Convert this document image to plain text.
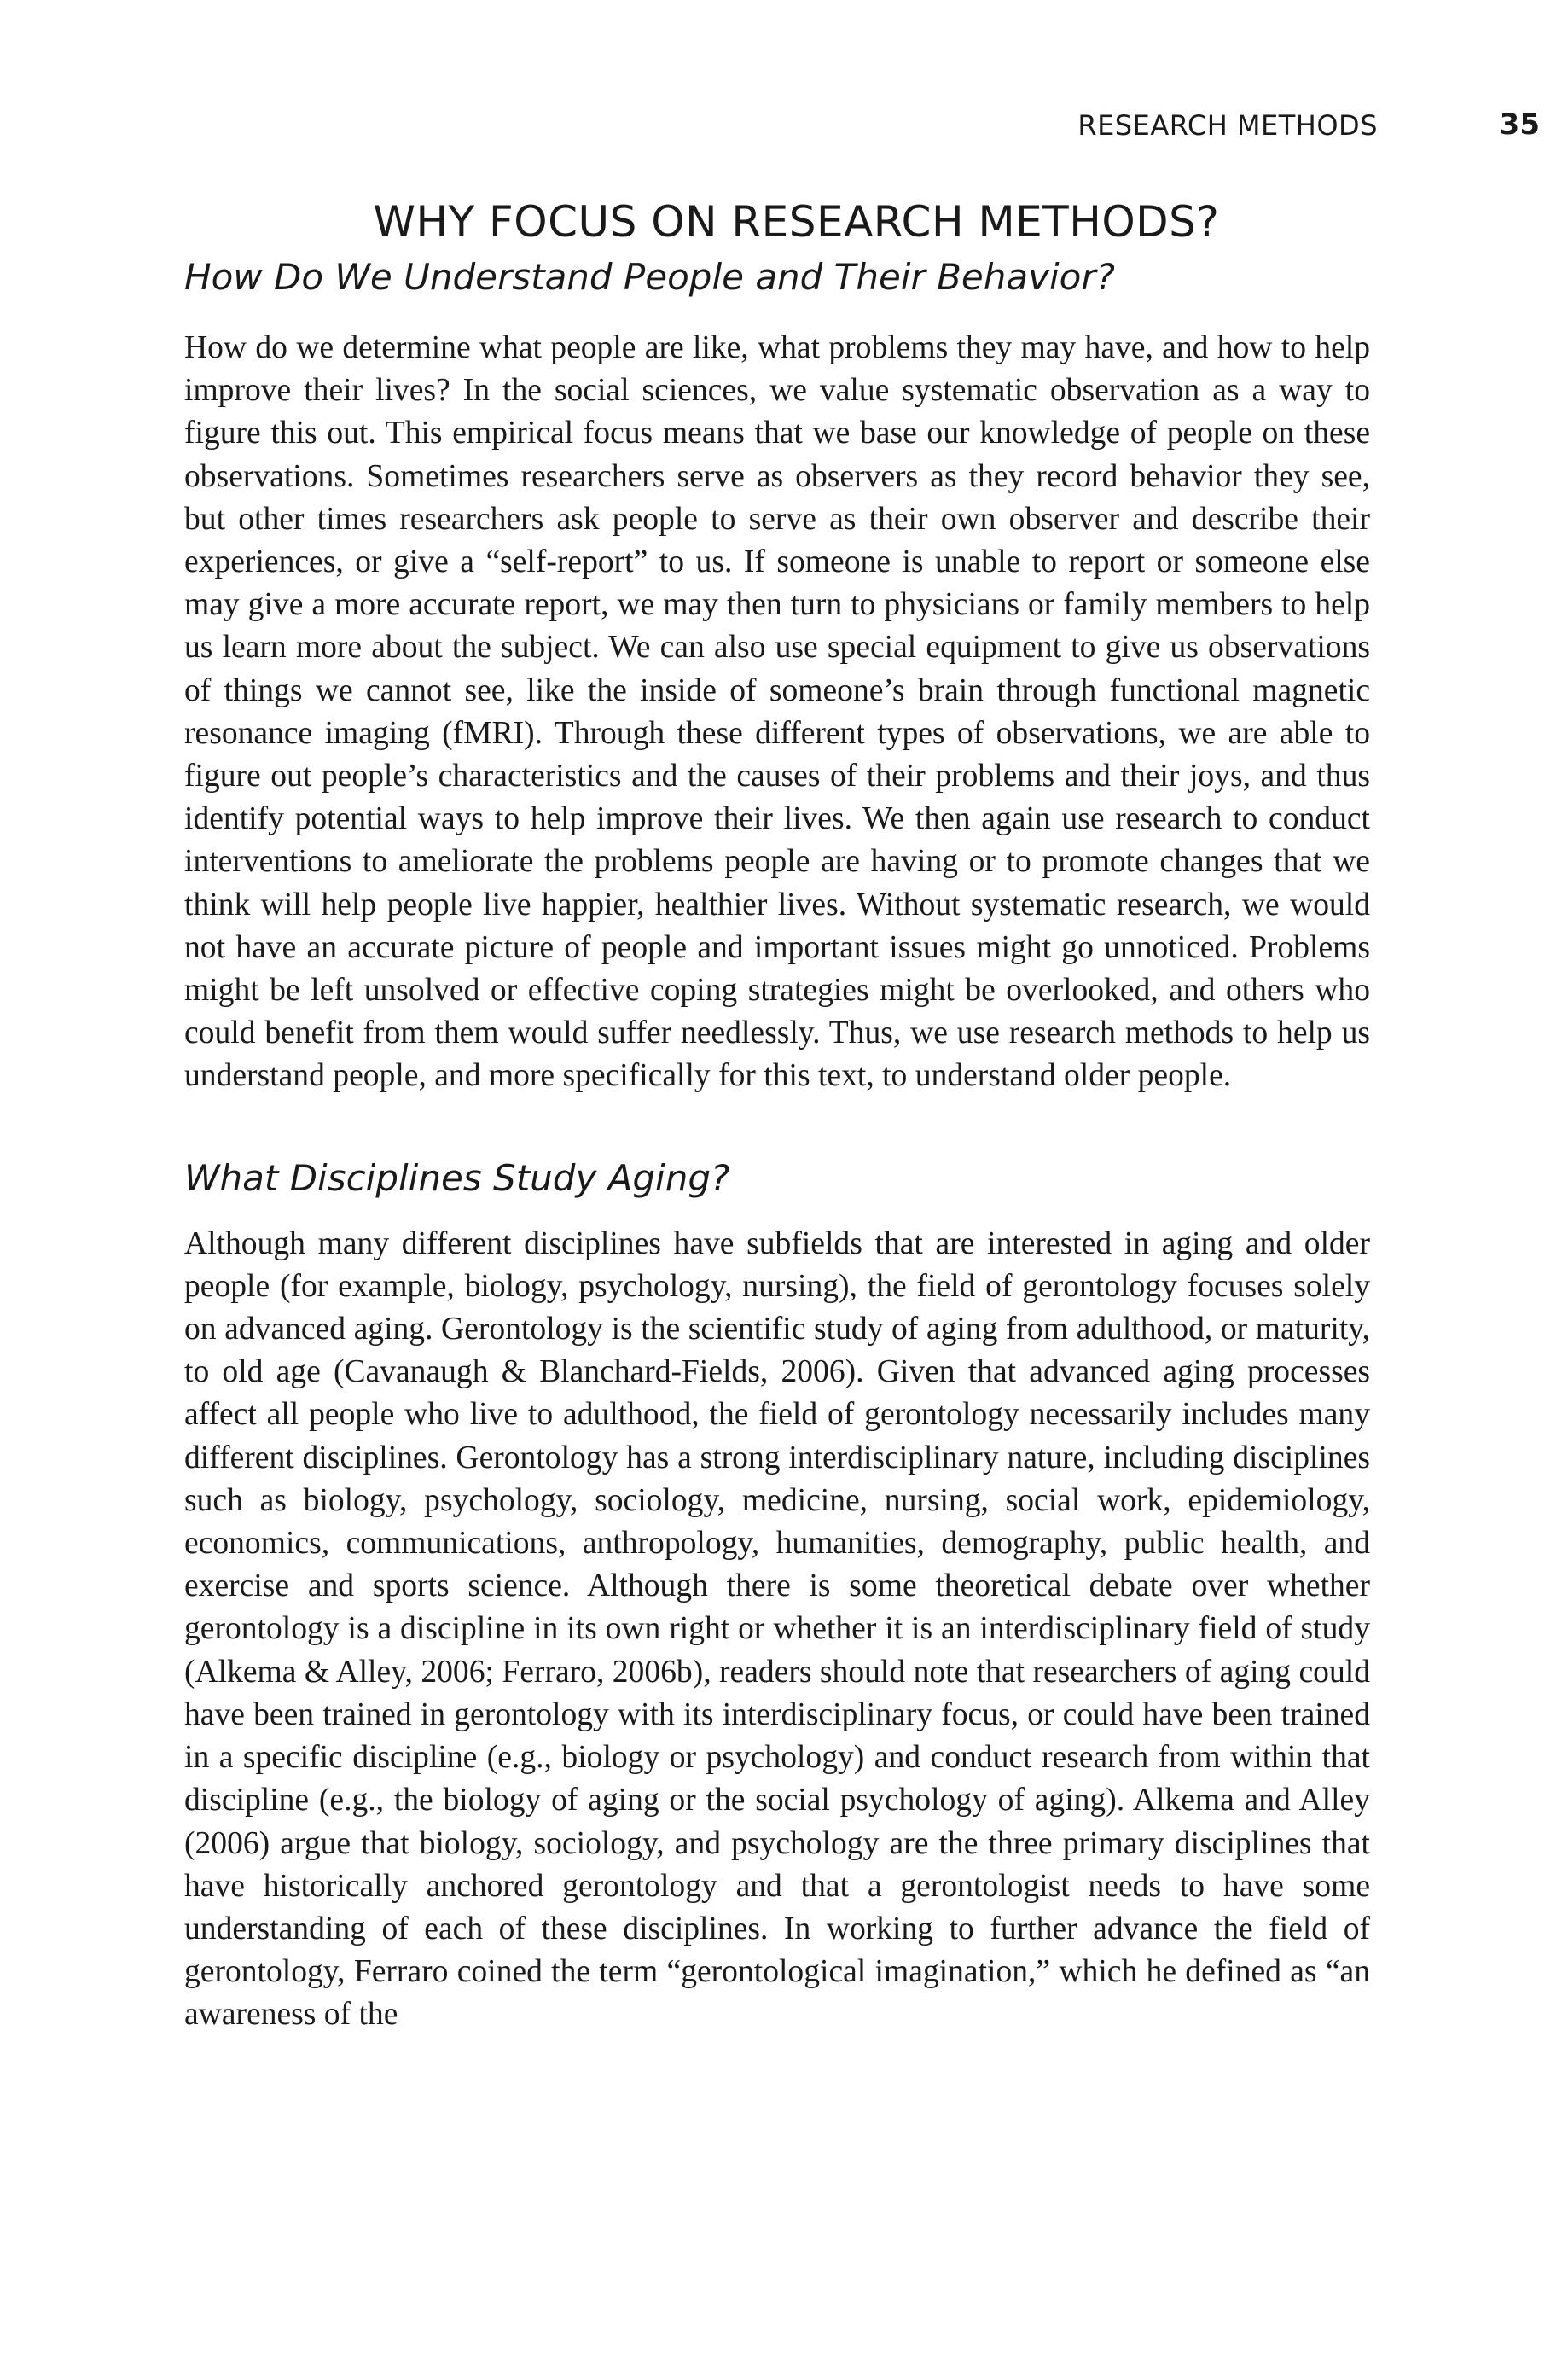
RESEARCH METHODS	35
WHY FOCUS ON RESEARCH METHODS?
How Do We Understand People and Their Behavior?

How do we determine what people are like, what problems they may have, and how to help improve their lives? In the social sciences, we value systematic observation as a way to figure this out. This empirical focus means that we base our knowledge of people on these observations. Sometimes researchers serve as observers as they record behavior they see, but other times researchers ask people to serve as their own observer and describe their experiences, or give a “self-report” to us. If someone is unable to report or someone else may give a more accurate report, we may then turn to physicians or family members to help us learn more about the subject. We can also use special equipment to give us observations of things we cannot see, like the inside of someone’s brain through functional magnetic resonance imaging (fMRI). Through these different types of observations, we are able to figure out people’s characteristics and the causes of their problems and their joys, and thus identify potential ways to help improve their lives. We then again use research to conduct interventions to ameliorate the problems people are having or to promote changes that we think will help people live happier, healthier lives. Without systematic research, we would not have an accurate picture of people and important issues might go unnoticed. Problems might be left unsolved or effective coping strategies might be overlooked, and others who could benefit from them would suffer needlessly. Thus, we use research methods to help us understand people, and more specifically for this text, to understand older people.

What Disciplines Study Aging?

Although many different disciplines have subfields that are interested in aging and older people (for example, biology, psychology, nursing), the field of gerontology focuses solely on advanced aging. Gerontology is the scientific study of aging from adulthood, or maturity, to old age (Cavanaugh & Blanchard-Fields, 2006). Given that advanced aging processes affect all people who live to adulthood, the field of gerontology necessarily includes many different disciplines. Gerontology has a strong interdisciplinary nature, including disciplines such as biology, psychology, sociology, medicine, nursing, social work, epidemiology, economics, communications, anthropology, humanities, demography, public health, and exercise and sports science. Although there is some theoretical debate over whether gerontology is a discipline in its own right or whether it is an interdisciplinary field of study (Alkema & Alley, 2006; Ferraro, 2006b), readers should note that researchers of aging could have been trained in gerontology with its interdisciplinary focus, or could have been trained in a specific discipline (e.g., biology or psychology) and conduct research from within that discipline (e.g., the biology of aging or the social psychology of aging). Alkema and Alley (2006) argue that biology, sociology, and psychology are the three primary disciplines that have historically anchored gerontology and that a gerontologist needs to have some understanding of each of these disciplines. In working to further advance the field of gerontology, Ferraro coined the term “gerontological imagination,” which he defined as “an awareness of the
